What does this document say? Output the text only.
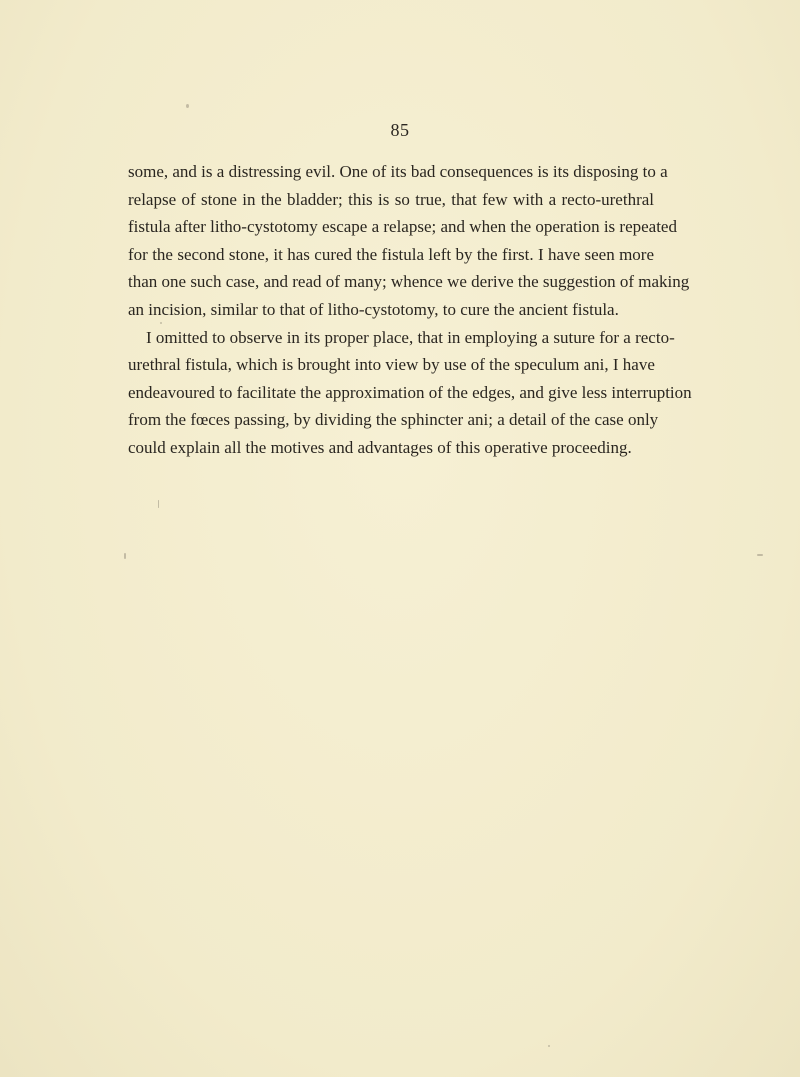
85
some, and is a distressing evil. One of its bad consequences is its disposing to a
relapse of stone in the bladder; this is so true, that few with a recto-urethral
fistula after litho-cystotomy escape a relapse; and when the operation is repeated
for the second stone, it has cured the fistula left by the first. I have seen more
than one such case, and read of many; whence we derive the suggestion of making
an incision, similar to that of litho-cystotomy, to cure the ancient fistula.
I omitted to observe in its proper place, that in employing a suture for a recto-
urethral fistula, which is brought into view by use of the speculum ani, I have
endeavoured to facilitate the approximation of the edges, and give less interruption
from the fœces passing, by dividing the sphincter ani; a detail of the case only
could explain all the motives and advantages of this operative proceeding.
